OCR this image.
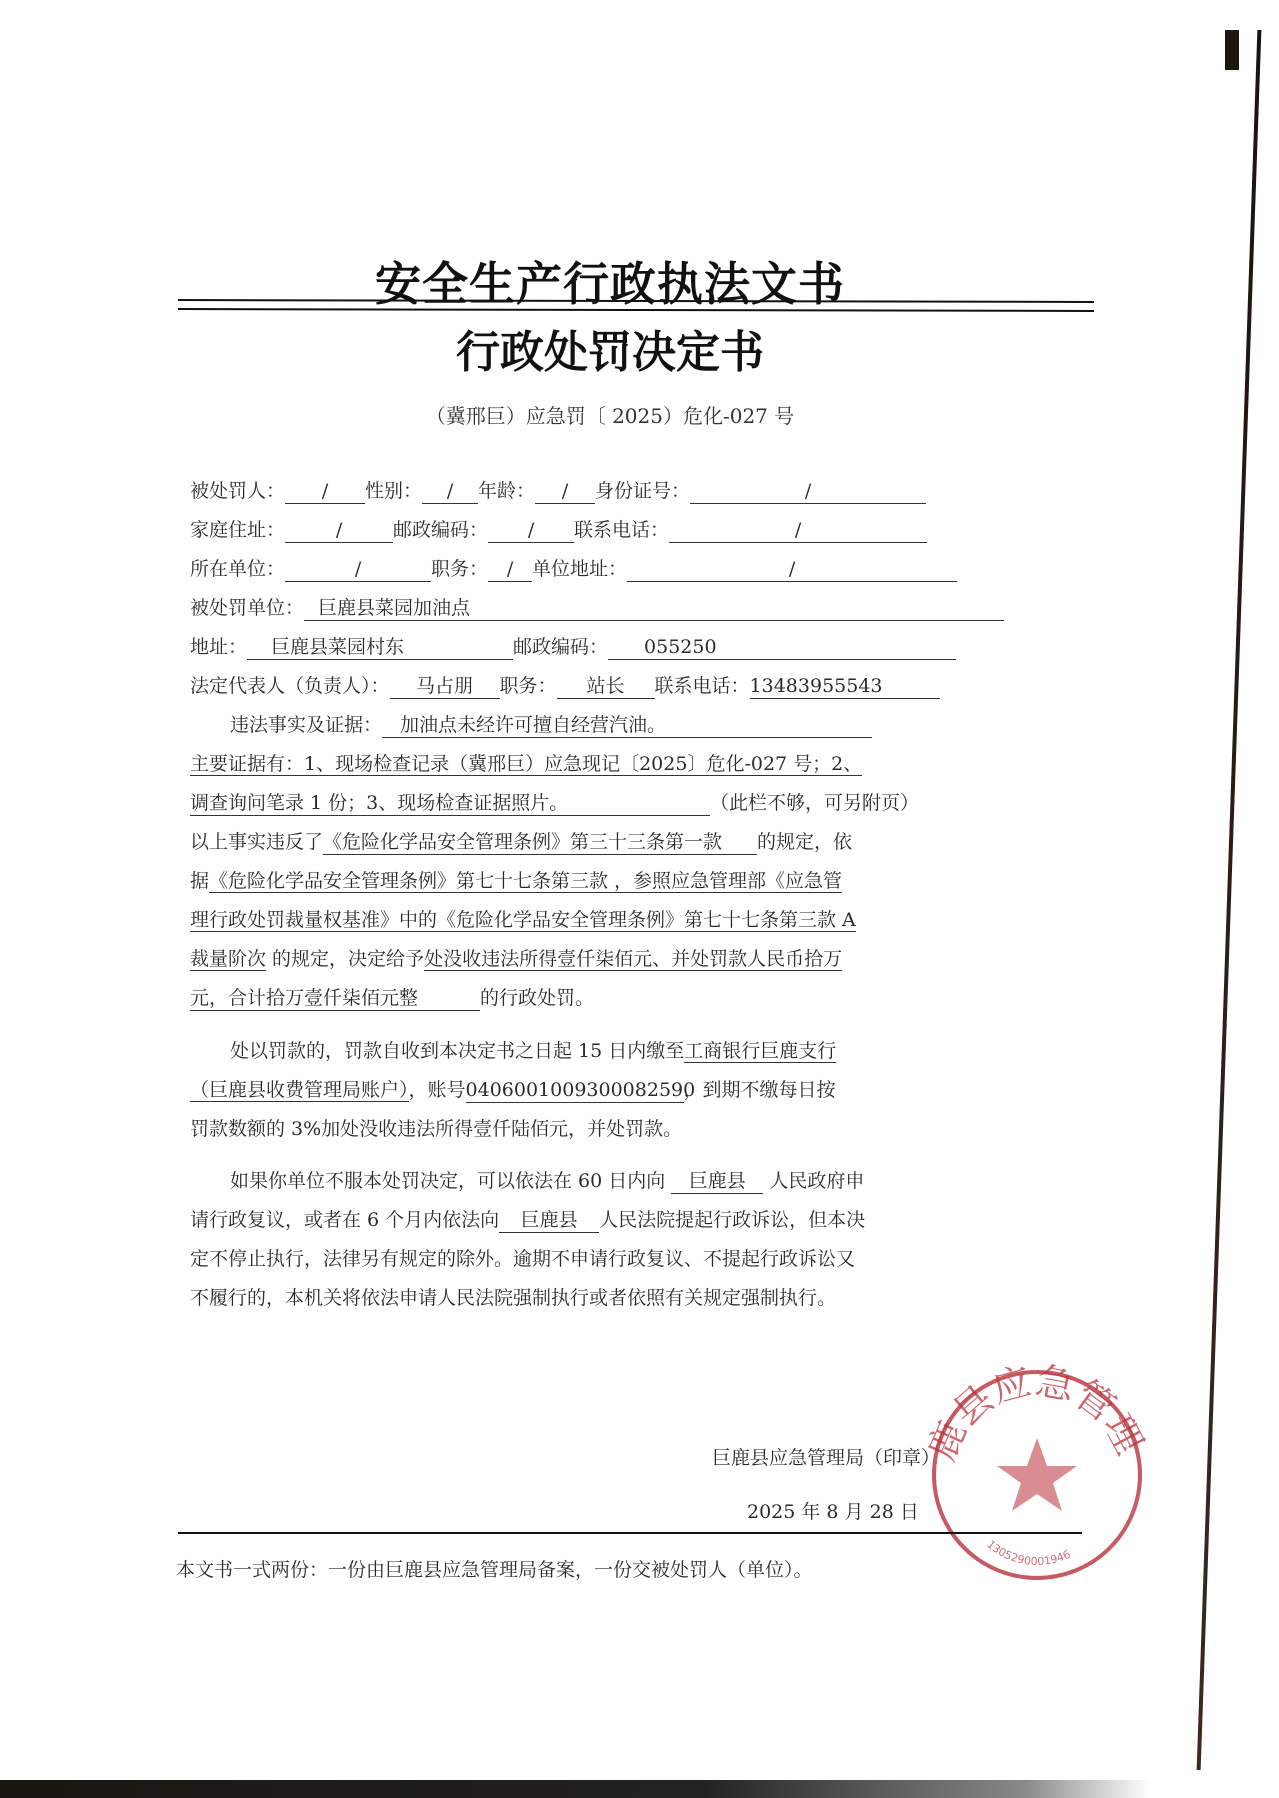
安全生产行政执法文书
行政处罚决定书
（冀邢巨）应急罚〔 2025）危化-027 号
被处罚人： / 性别： / 年龄： / 身份证号：	/
家庭住址：	/	邮政编码： / 联系电话：	/
所在单位：	/	职务： / 单位地址：	/
被处罚单位： 巨鹿县菜园加油点
地址： 巨鹿县菜园村东	邮政编码： 055250
法定代表人（负责人）： 马占朋 职务： 站长 联系电话：13483955543
违法事实及证据： 加油点未经许可擅自经营汽油。
主要证据有：1、现场检查记录（冀邢巨）应急现记〔2025〕危化-027 号；2、
调查询问笔录 1 份；3、现场检查证据照片。	（此栏不够，可另附页）
以上事实违反了《危险化学品安全管理条例》第三十三条第一款 的规定，依
据《危险化学品安全管理条例》第七十七条第三款 ，参照应急管理部《应急管
理行政处罚裁量权基准》中的《危险化学品安全管理条例》第七十七条第三款 A
裁量阶次 的规定，决定给予处没收违法所得壹仟柒佰元、并处罚款人民币拾万
元，合计拾万壹仟柒佰元整	的行政处罚。
处以罚款的，罚款自收到本决定书之日起 15 日内缴至工商银行巨鹿支行
（巨鹿县收费管理局账户），账号0406001009300082590，到期不缴每日按
罚款数额的 3%加处没收违法所得壹仟陆佰元，并处罚款。
如果你单位不服本处罚决定，可以依法在 60 日内向 巨鹿县 人民政府申
请行政复议，或者在 6 个月内依法向 巨鹿县 人民法院提起行政诉讼，但本决
定不停止执行，法律另有规定的除外。逾期不申请行政复议、不提起行政诉讼又
不履行的，本机关将依法申请人民法院强制执行或者依照有关规定强制执行。
巨鹿县应急管理局（印章）
2025 年 8 月 28 日
鹿县应急管理
1305290001946
本文书一式两份：一份由巨鹿县应急管理局备案，一份交被处罚人（单位）。
